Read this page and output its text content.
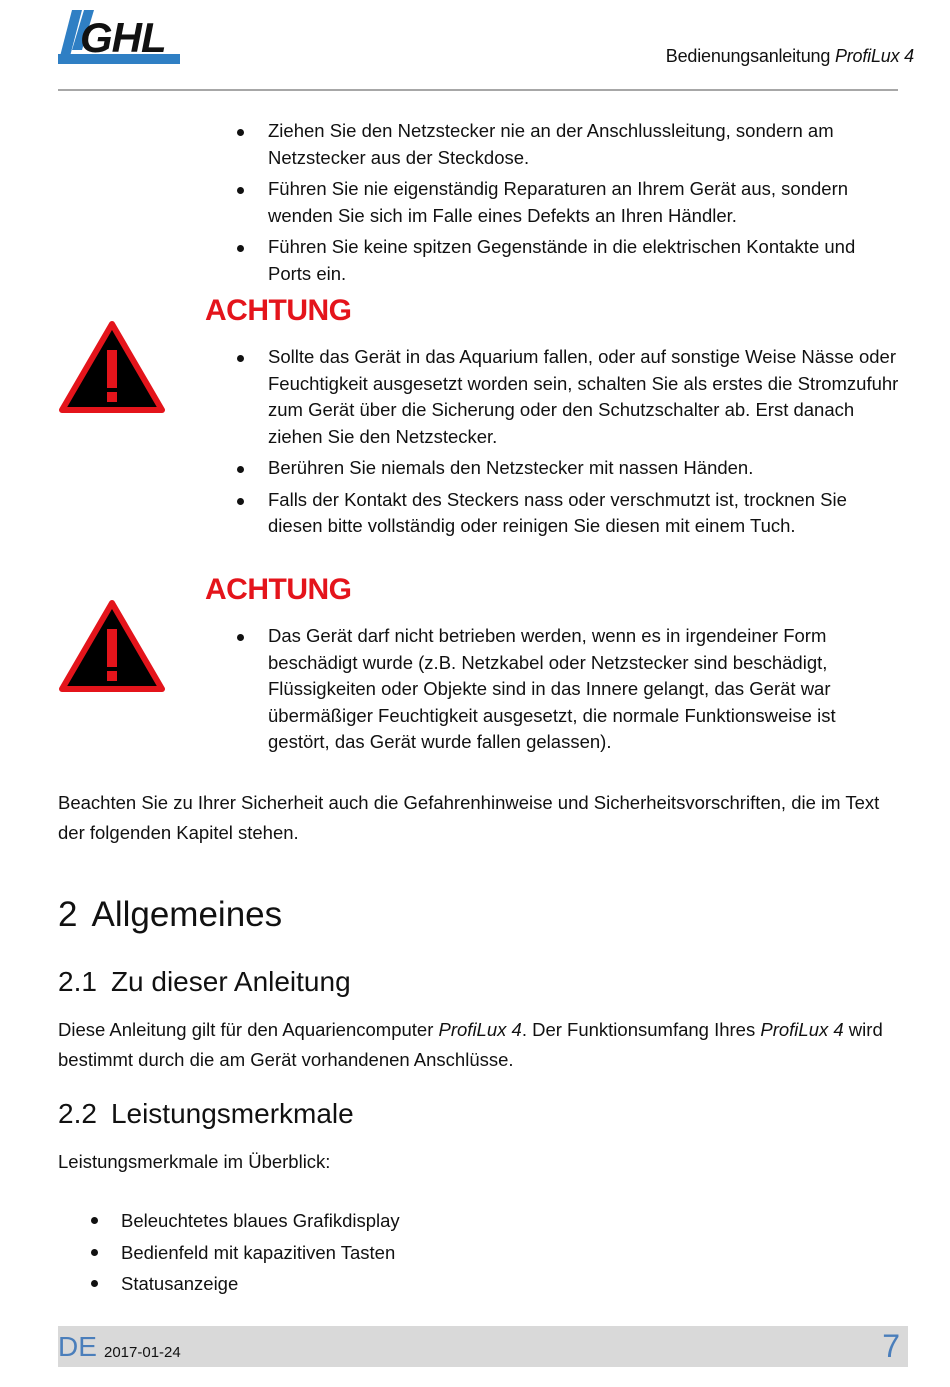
GHL	Bedienungsanleitung ProfiLux 4
Ziehen Sie den Netzstecker nie an der Anschlussleitung, sondern am Netzstecker aus der Steckdose.
Führen Sie nie eigenständig Reparaturen an Ihrem Gerät aus, sondern wenden Sie sich im Falle eines Defekts an Ihren Händler.
Führen Sie keine spitzen Gegenstände in die elektrischen Kontakte und Ports ein.
ACHTUNG
Sollte das Gerät in das Aquarium fallen, oder auf sonstige Weise Nässe oder Feuchtigkeit ausgesetzt worden sein, schalten Sie als erstes die Stromzufuhr zum Gerät über die Sicherung oder den Schutzschalter ab. Erst danach ziehen Sie den Netzstecker.
Berühren Sie niemals den Netzstecker mit nassen Händen.
Falls der Kontakt des Steckers nass oder verschmutzt ist, trocknen Sie diesen bitte vollständig oder reinigen Sie diesen mit einem Tuch.
ACHTUNG
Das Gerät darf nicht betrieben werden, wenn es in irgendeiner Form beschädigt wurde (z.B. Netzkabel oder Netzstecker sind beschädigt, Flüssigkeiten oder Objekte sind in das Innere gelangt, das Gerät war übermäßiger Feuchtigkeit ausgesetzt, die normale Funktionsweise ist gestört, das Gerät wurde fallen gelassen).

Beachten Sie zu Ihrer Sicherheit auch die Gefahrenhinweise und Sicherheitsvorschriften, die im Text der folgenden Kapitel stehen.

2 Allgemeines
2.1 Zu dieser Anleitung

Diese Anleitung gilt für den Aquariencomputer ProfiLux 4. Der Funktionsumfang Ihres ProfiLux 4 wird bestimmt durch die am Gerät vorhandenen Anschlüsse.

2.2 Leistungsmerkmale

Leistungsmerkmale im Überblick:

Beleuchtetes blaues Grafikdisplay
Bedienfeld mit kapazitiven Tasten
Statusanzeige
DE 2017-01-24	7
